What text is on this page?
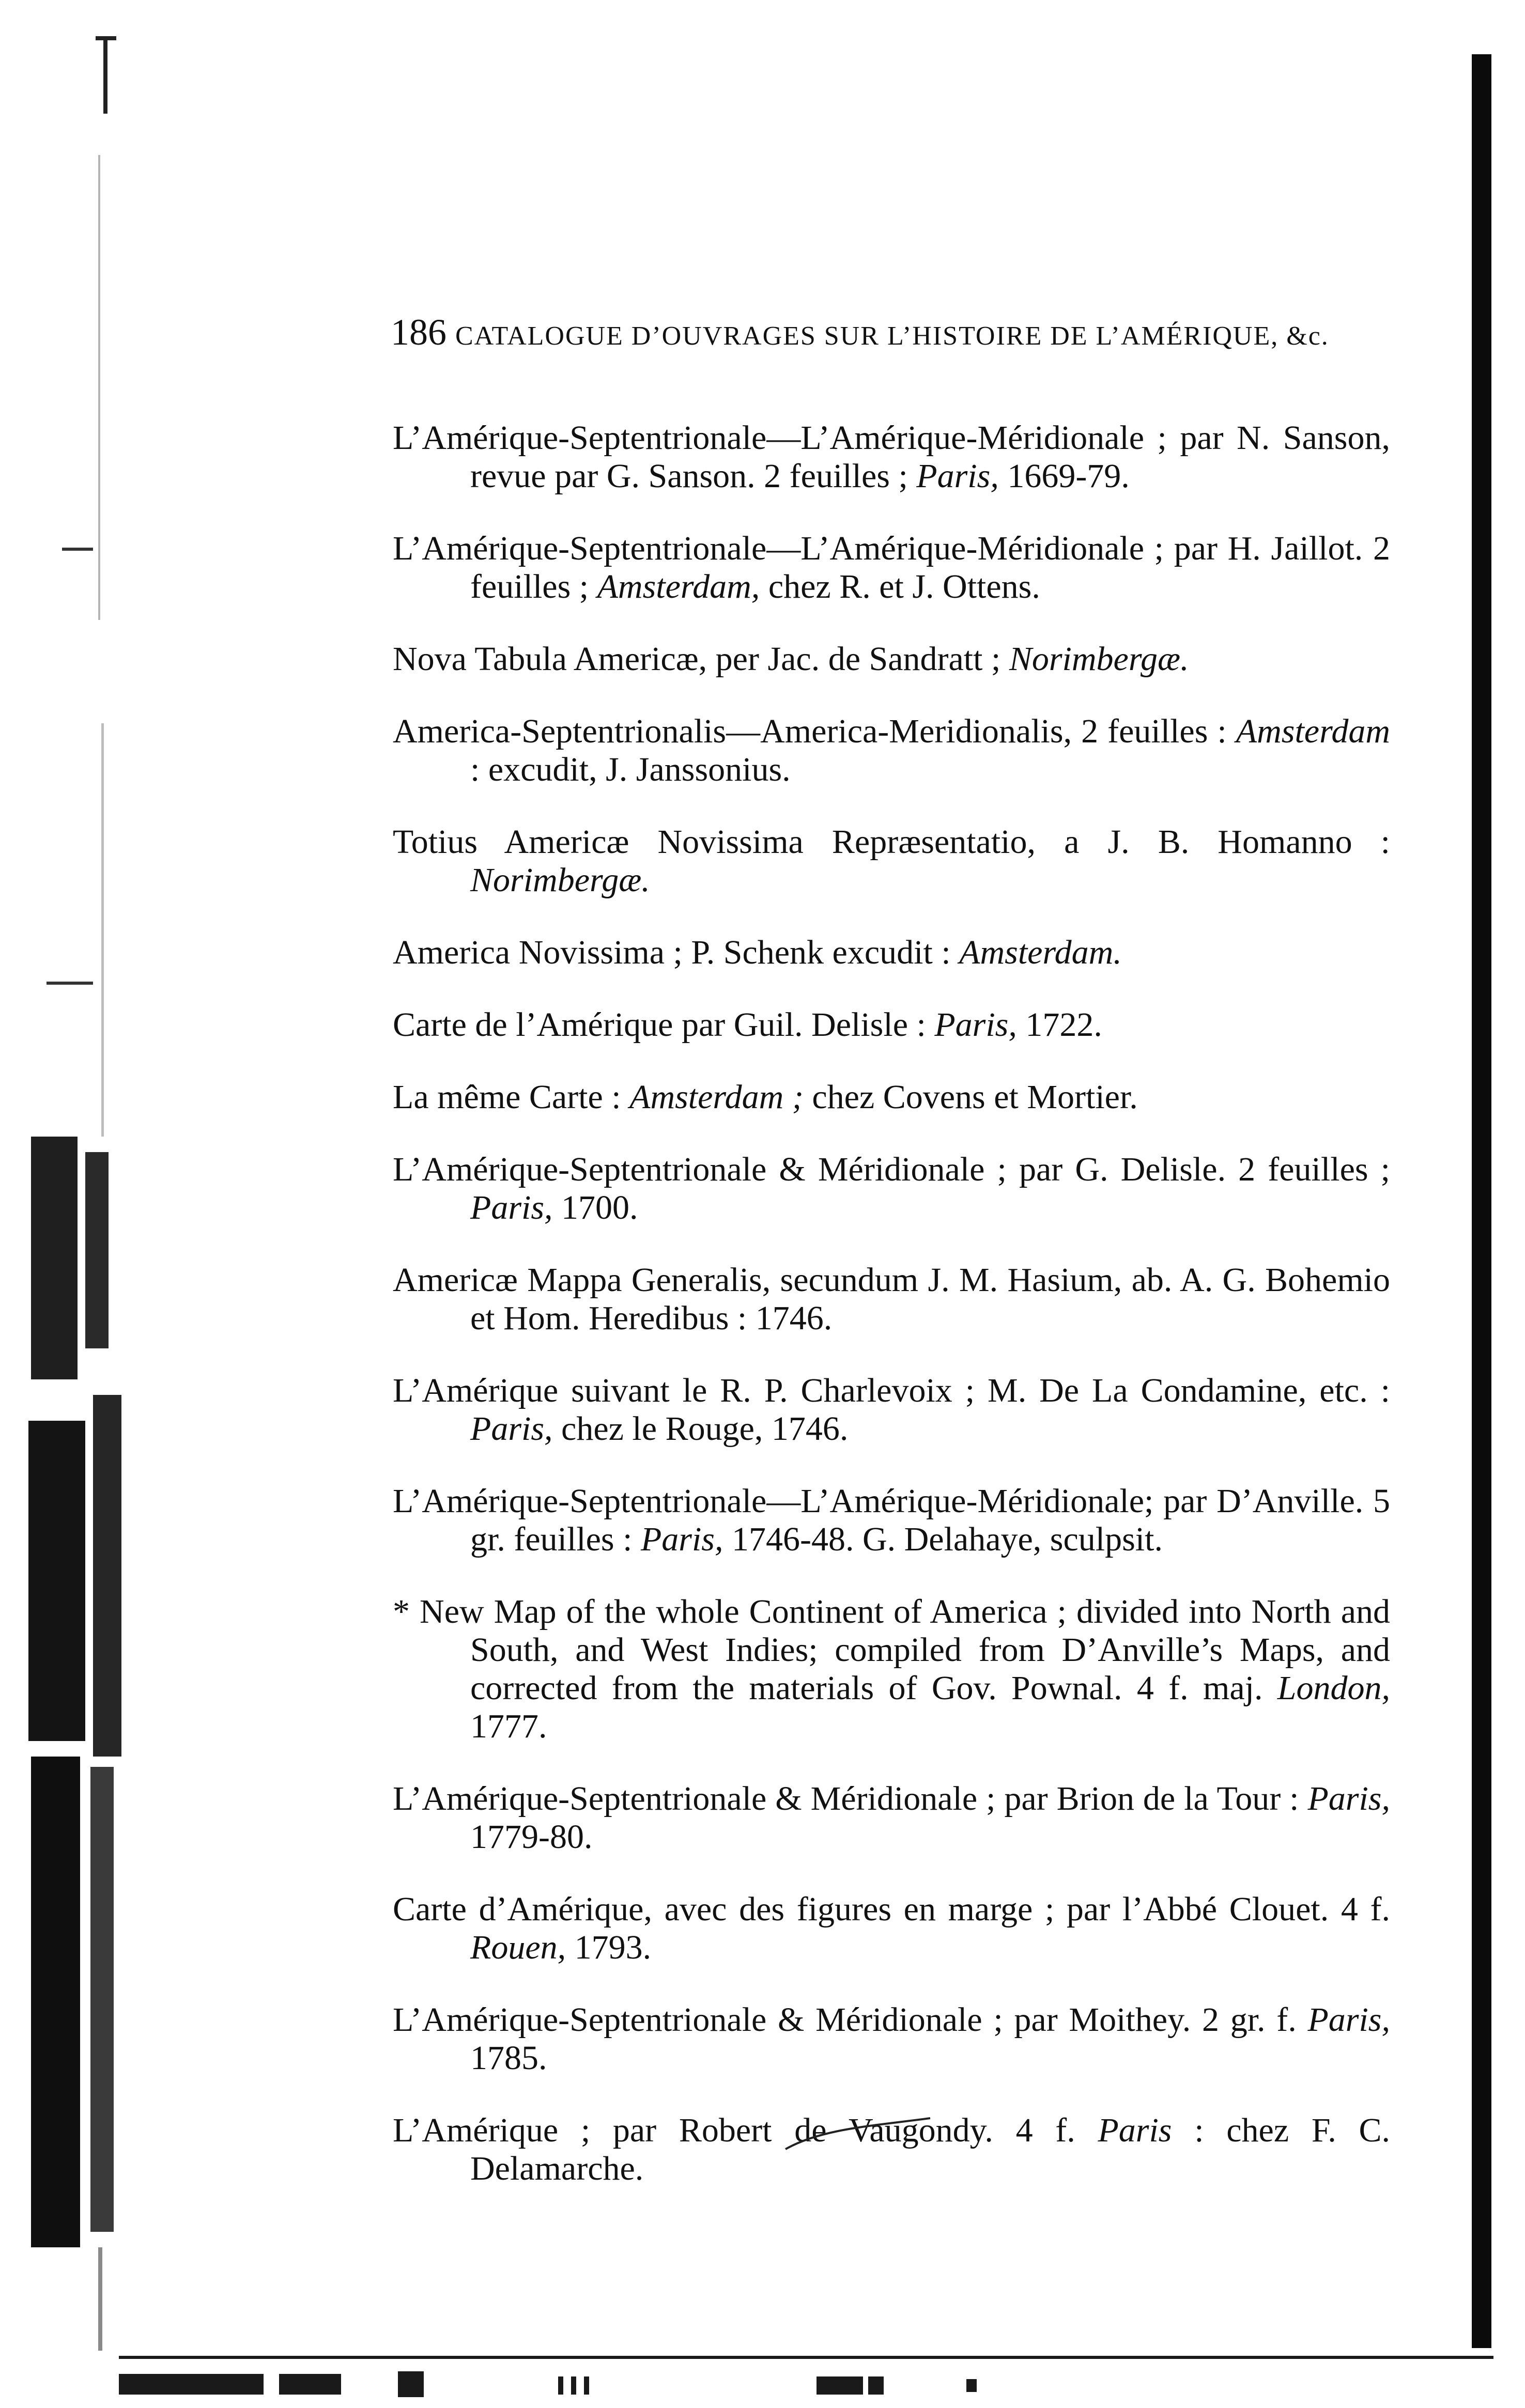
186 CATALOGUE D’OUVRAGES SUR L’HISTOIRE DE L’AMÉRIQUE, &c.

L’Amérique-Septentrionale—L’Amérique-Méridionale ; par N. Sanson, revue par G. Sanson. 2 feuilles ; Paris, 1669-79.

L’Amérique-Septentrionale—L’Amérique-Méridionale ; par H. Jaillot. 2 feuilles ; Amsterdam, chez R. et J. Ottens.

Nova Tabula Americæ, per Jac. de Sandratt ; Norimbergæ.

America-Septentrionalis—America-Meridionalis, 2 feuilles : Amsterdam : excudit, J. Janssonius.

Totius Americæ Novissima Repræsentatio, a J. B. Homanno : Norimbergæ.

America Novissima ; P. Schenk excudit : Amsterdam.

Carte de l’Amérique par Guil. Delisle : Paris, 1722.

La même Carte : Amsterdam ; chez Covens et Mortier.

L’Amérique-Septentrionale & Méridionale ; par G. Delisle. 2 feuilles ; Paris, 1700.

Americæ Mappa Generalis, secundum J. M. Hasium, ab. A. G. Bohemio et Hom. Heredibus : 1746.

L’Amérique suivant le R. P. Charlevoix ; M. De La Condamine, etc. : Paris, chez le Rouge, 1746.

L’Amérique-Septentrionale—L’Amérique-Méridionale; par D’Anville. 5 gr. feuilles : Paris, 1746-48. G. Delahaye, sculpsit.

* New Map of the whole Continent of America ; divided into North and South, and West Indies; compiled from D’Anville’s Maps, and corrected from the materials of Gov. Pownal. 4 f. maj. London, 1777.

L’Amérique-Septentrionale & Méridionale ; par Brion de la Tour : Paris, 1779-80.

Carte d’Amérique, avec des figures en marge ; par l’Abbé Clouet. 4 f. Rouen, 1793.

L’Amérique-Septentrionale & Méridionale ; par Moithey. 2 gr. f. Paris, 1785.

L’Amérique ; par Robert de Vaugondy. 4 f. Paris : chez F. C. Delamarche.
